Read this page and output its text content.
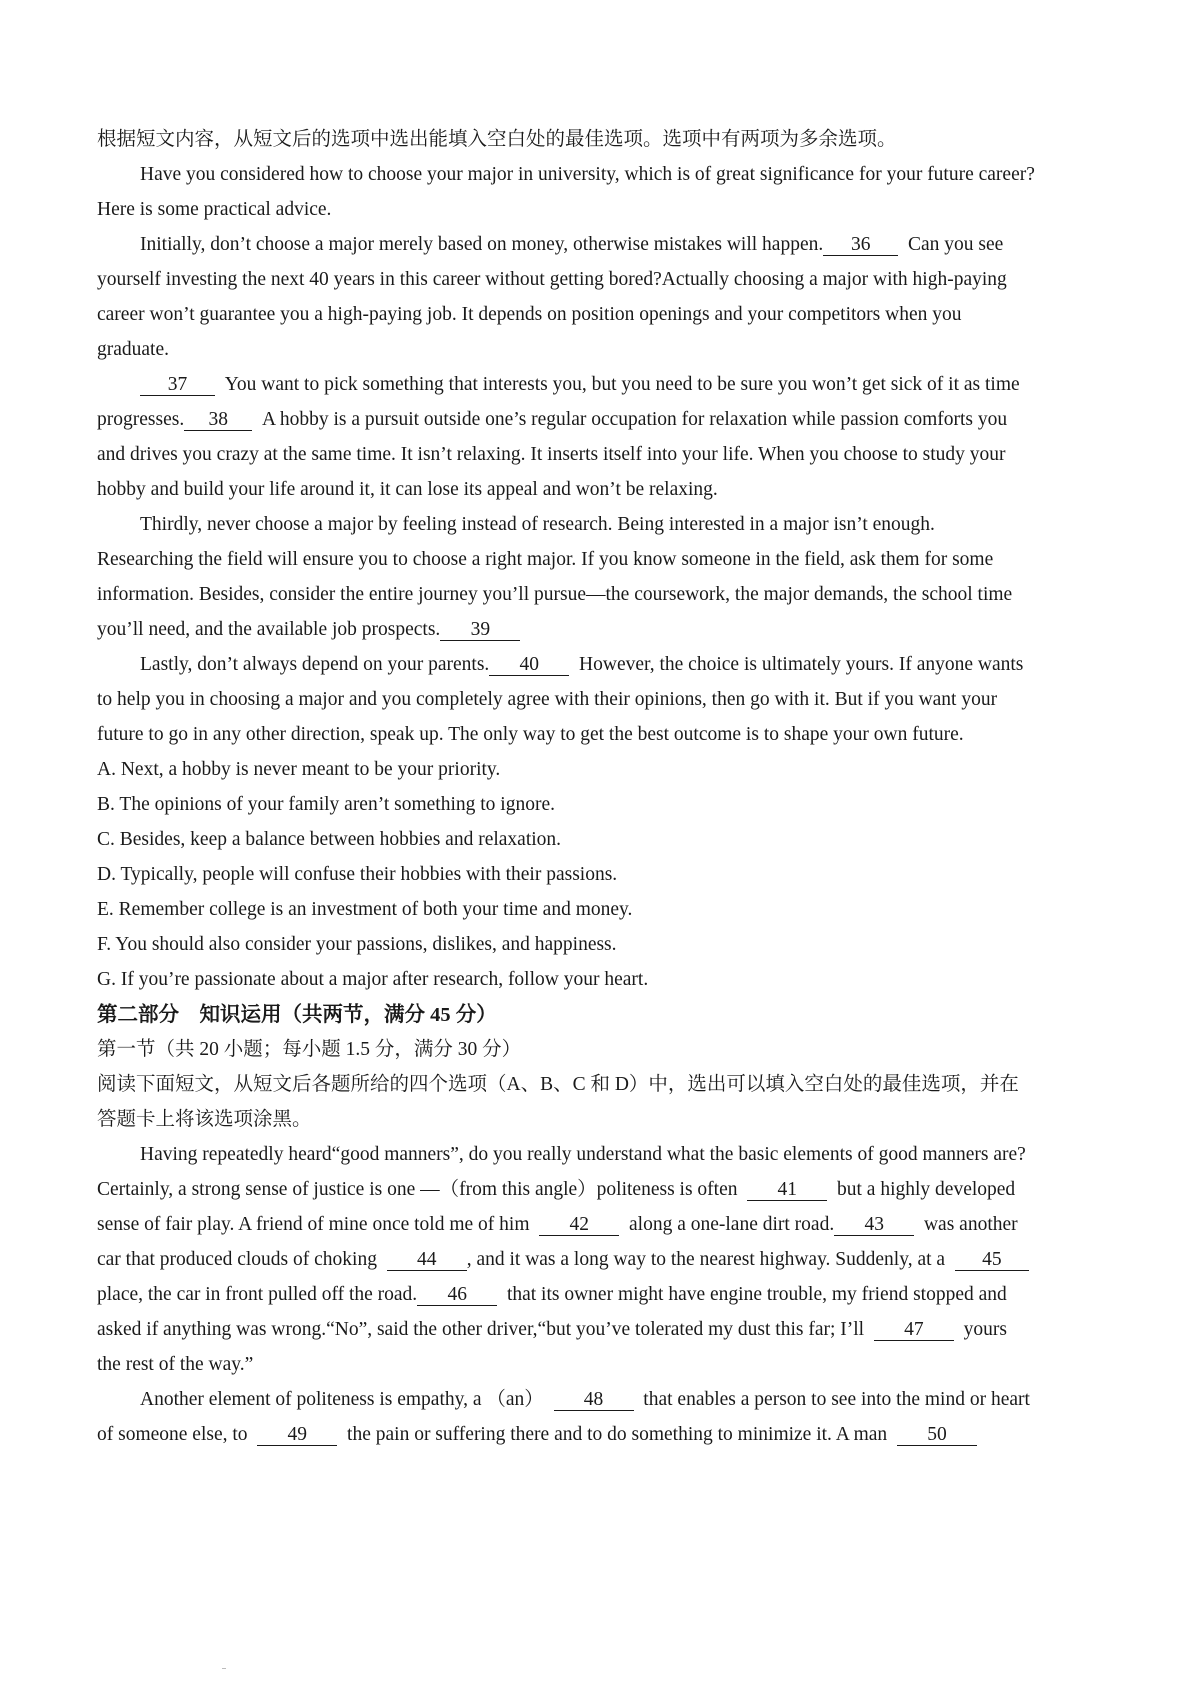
根据短文内容，从短文后的选项中选出能填入空白处的最佳选项。选项中有两项为多余选项。
Have you considered how to choose your major in university, which is of great significance for your future career?
Here is some practical advice.
Initially, don’t choose a major merely based on money, otherwise mistakes will happen. 36 Can you see
yourself investing the next 40 years in this career without getting bored?Actually choosing a major with high-paying
career won’t guarantee you a high-paying job. It depends on position openings and your competitors when you
graduate.
37 You want to pick something that interests you, but you need to be sure you won’t get sick of it as time
progresses. 38 A hobby is a pursuit outside one’s regular occupation for relaxation while passion comforts you
and drives you crazy at the same time. It isn’t relaxing. It inserts itself into your life. When you choose to study your
hobby and build your life around it, it can lose its appeal and won’t be relaxing.
Thirdly, never choose a major by feeling instead of research. Being interested in a major isn’t enough.
Researching the field will ensure you to choose a right major. If you know someone in the field, ask them for some
information. Besides, consider the entire journey you’ll pursue—the coursework, the major demands, the school time
you’ll need, and the available job prospects. 39
Lastly, don’t always depend on your parents. 40 However, the choice is ultimately yours. If anyone wants
to help you in choosing a major and you completely agree with their opinions, then go with it. But if you want your
future to go in any other direction, speak up. The only way to get the best outcome is to shape your own future.
A. Next, a hobby is never meant to be your priority.
B. The opinions of your family aren’t something to ignore.
C. Besides, keep a balance between hobbies and relaxation.
D. Typically, people will confuse their hobbies with their passions.
E. Remember college is an investment of both your time and money.
F. You should also consider your passions, dislikes, and happiness.
G. If you’re passionate about a major after research, follow your heart.
第二部分　知识运用（共两节，满分 45 分）
第一节（共 20 小题；每小题 1.5 分，满分 30 分）
阅读下面短文，从短文后各题所给的四个选项（A、B、C 和 D）中，选出可以填入空白处的最佳选项，并在
答题卡上将该选项涂黑。
Having repeatedly heard“good manners”, do you really understand what the basic elements of good manners are?
Certainly, a strong sense of justice is one —（from this angle）politeness is often 41 but a highly developed
sense of fair play. A friend of mine once told me of him 42 along a one-lane dirt road. 43 was another
car that produced clouds of choking 44 , and it was a long way to the nearest highway. Suddenly, at a 45
place, the car in front pulled off the road. 46 that its owner might have engine trouble, my friend stopped and
asked if anything was wrong.“No”, said the other driver,“but you’ve tolerated my dust this far; I’ll 47 yours
the rest of the way.”
Another element of politeness is empathy, a （an） 48 that enables a person to see into the mind or heart
of someone else, to 49 the pain or suffering there and to do something to minimize it. A man 50
